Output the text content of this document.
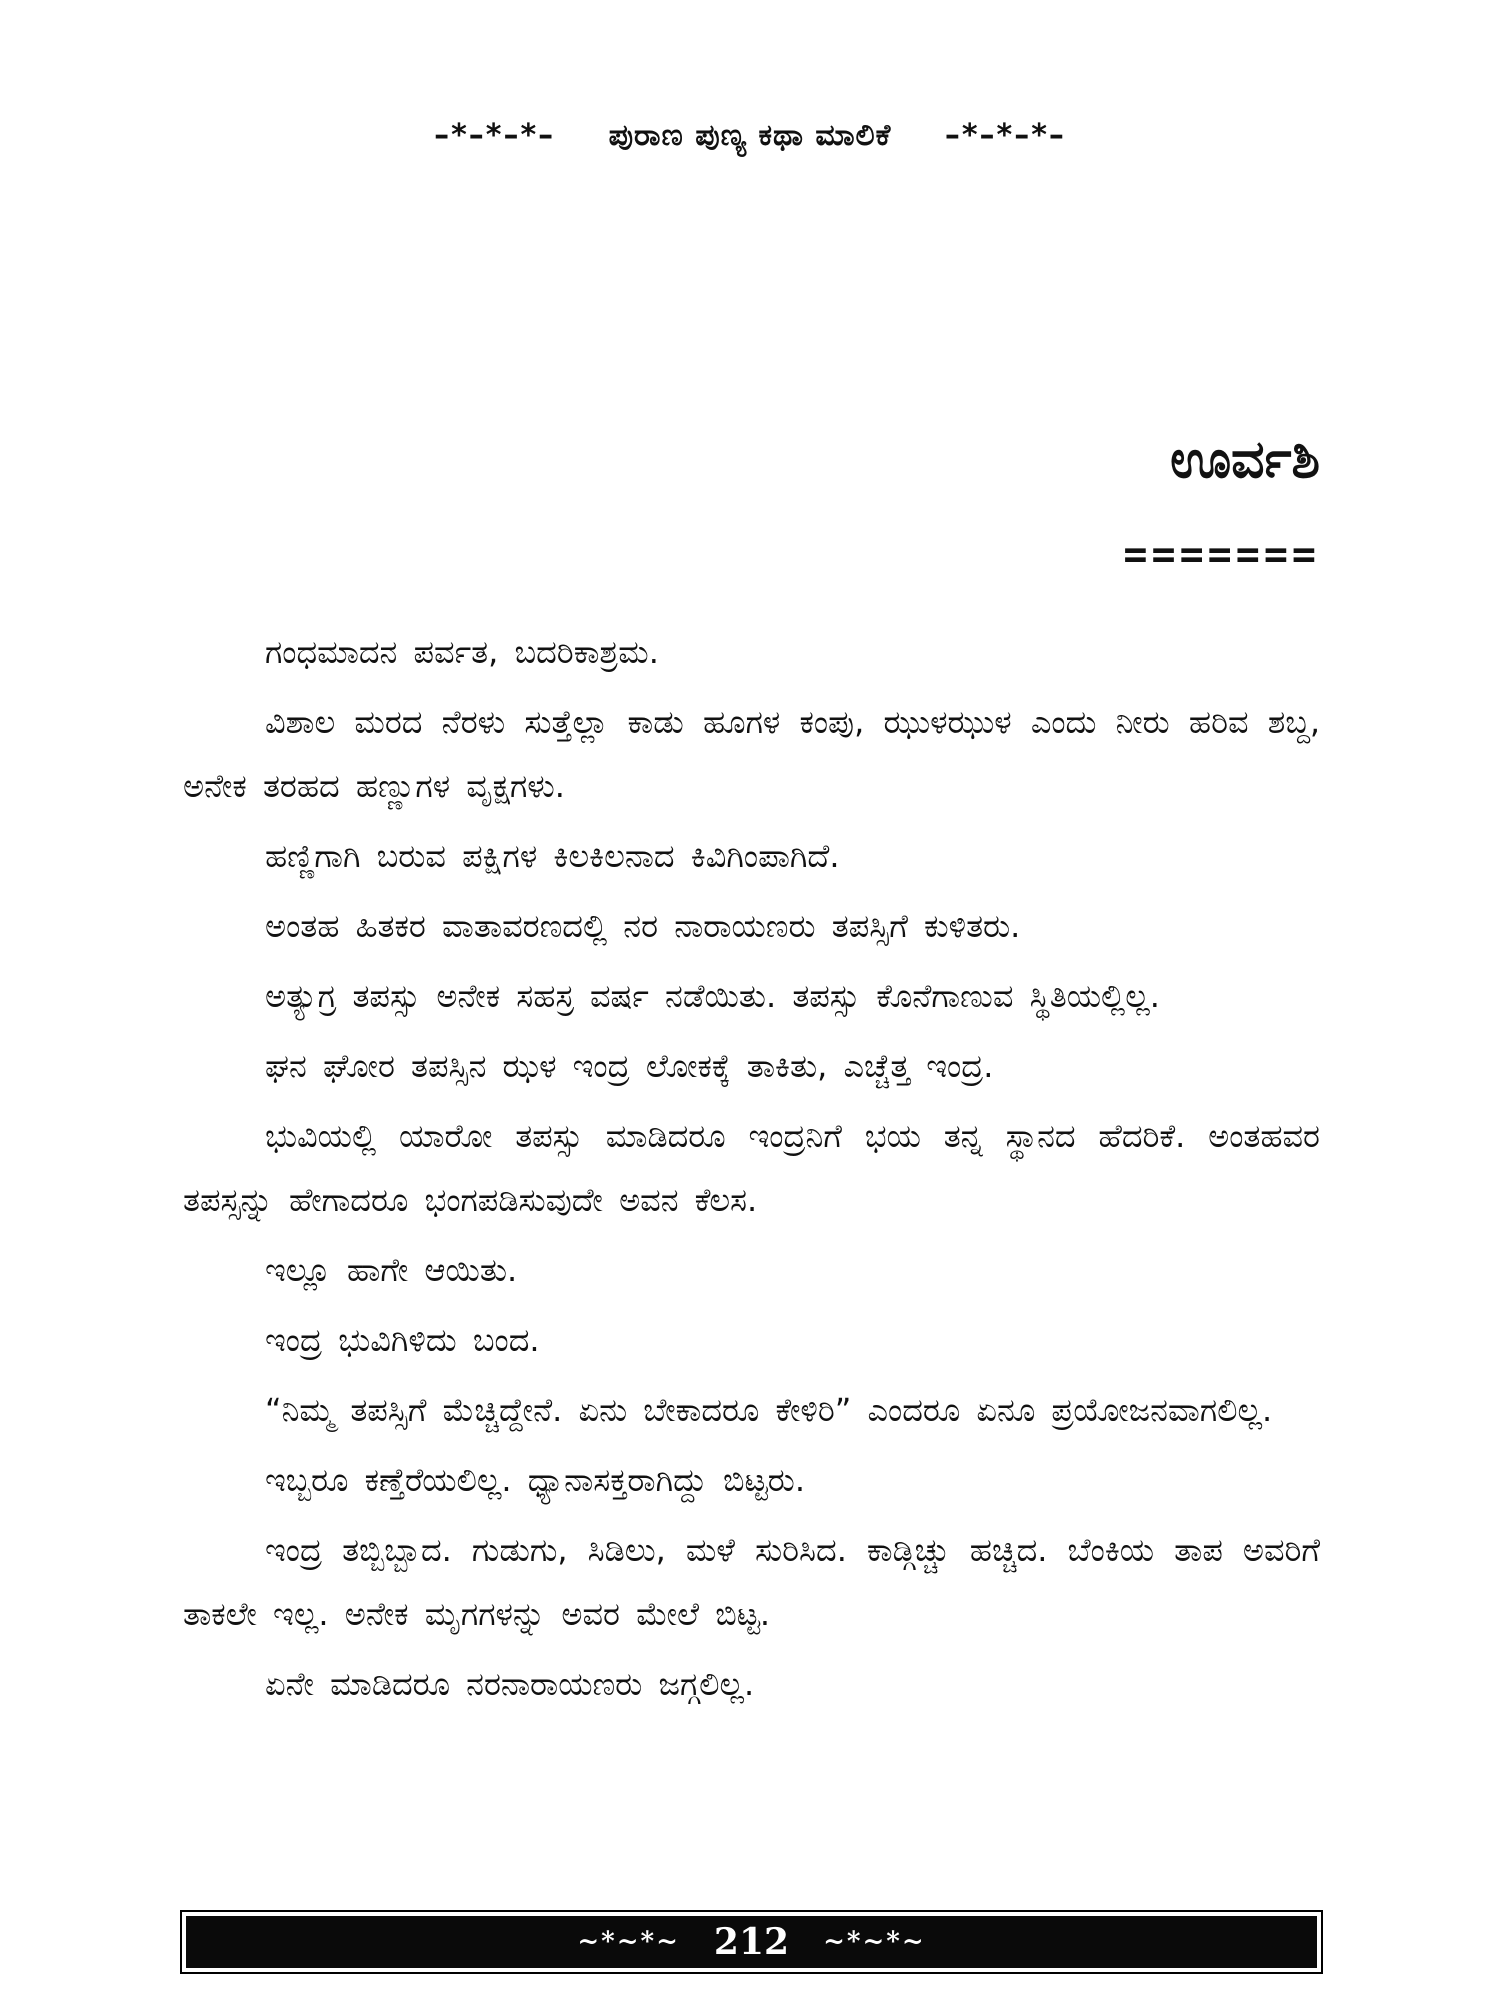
–*–*–*– ಪುರಾಣ ಪುಣ್ಯ ಕಥಾ ಮಾಲಿಕೆ –*–*–*–
ಊರ್ವಶಿ
=======

ಗಂಧಮಾದನ ಪರ್ವತ, ಬದರಿಕಾಶ್ರಮ.

ವಿಶಾಲ ಮರದ ನೆರಳು ಸುತ್ತೆಲ್ಲಾ ಕಾಡು ಹೂಗಳ ಕಂಪು, ಝುಳಝುಳ ಎಂದು ನೀರು ಹರಿವ ಶಬ್ದ, ಅನೇಕ ತರಹದ ಹಣ್ಣುಗಳ ವೃಕ್ಷಗಳು.

ಹಣ್ಣಿಗಾಗಿ ಬರುವ ಪಕ್ಷಿಗಳ ಕಿಲಕಿಲನಾದ ಕಿವಿಗಿಂಪಾಗಿದೆ.

ಅಂತಹ ಹಿತಕರ ವಾತಾವರಣದಲ್ಲಿ ನರ ನಾರಾಯಣರು ತಪಸ್ಸಿಗೆ ಕುಳಿತರು.

ಅತ್ಯುಗ್ರ ತಪಸ್ಸು ಅನೇಕ ಸಹಸ್ರ ವರ್ಷ ನಡೆಯಿತು. ತಪಸ್ಸು ಕೊನೆಗಾಣುವ ಸ್ಥಿತಿಯಲ್ಲಿಲ್ಲ.

ಘನ ಘೋರ ತಪಸ್ಸಿನ ಝಳ ಇಂದ್ರ ಲೋಕಕ್ಕೆ ತಾಕಿತು, ಎಚ್ಚೆತ್ತ ಇಂದ್ರ.

ಭುವಿಯಲ್ಲಿ ಯಾರೋ ತಪಸ್ಸು ಮಾಡಿದರೂ ಇಂದ್ರನಿಗೆ ಭಯ ತನ್ನ ಸ್ಥಾನದ ಹೆದರಿಕೆ. ಅಂತಹವರ ತಪಸ್ಸನ್ನು ಹೇಗಾದರೂ ಭಂಗಪಡಿಸುವುದೇ ಅವನ ಕೆಲಸ.

ಇಲ್ಲೂ ಹಾಗೇ ಆಯಿತು.

ಇಂದ್ರ ಭುವಿಗಿಳಿದು ಬಂದ.

“ನಿಮ್ಮ ತಪಸ್ಸಿಗೆ ಮೆಚ್ಚಿದ್ದೇನೆ. ಏನು ಬೇಕಾದರೂ ಕೇಳಿರಿ” ಎಂದರೂ ಏನೂ ಪ್ರಯೋಜನವಾಗಲಿಲ್ಲ.

ಇಬ್ಬರೂ ಕಣ್ತೆರೆಯಲಿಲ್ಲ. ಧ್ಯಾನಾಸಕ್ತರಾಗಿದ್ದು ಬಿಟ್ಟರು.

ಇಂದ್ರ ತಬ್ಬಿಬ್ಬಾದ. ಗುಡುಗು, ಸಿಡಿಲು, ಮಳೆ ಸುರಿಸಿದ. ಕಾಡ್ಗಿಚ್ಚು ಹಚ್ಚಿದ. ಬೆಂಕಿಯ ತಾಪ ಅವರಿಗೆ ತಾಕಲೇ ಇಲ್ಲ. ಅನೇಕ ಮೃಗಗಳನ್ನು ಅವರ ಮೇಲೆ ಬಿಟ್ಟ.

ಏನೇ ಮಾಡಿದರೂ ನರನಾರಾಯಣರು ಜಗ್ಗಲಿಲ್ಲ.

~*~*~ 212 ~*~*~
